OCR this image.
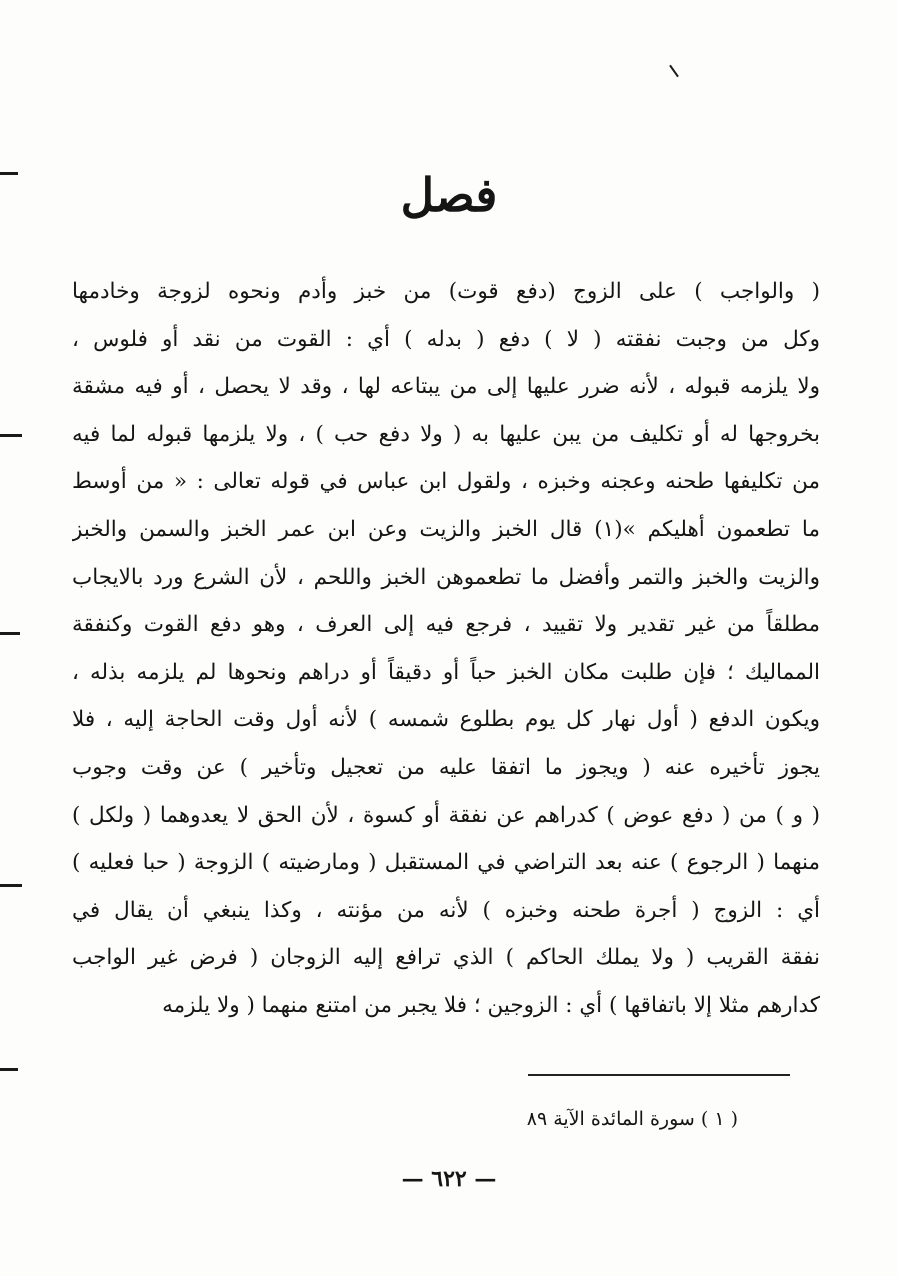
فصل
( والواجب ) على الزوج (دفع قوت) من خبز وأدم ونحوه لزوجة وخادمها
وكل من وجبت نفقته ( لا ) دفع ( بدله ) أي : القوت من نقد أو فلوس ،
ولا يلزمه قبوله ، لأنه ضرر عليها إلى من يبتاعه لها ، وقد لا يحصل ، أو فيه مشقة
بخروجها له أو تكليف من يبن عليها به ( ولا دفع حب ) ، ولا يلزمها قبوله لما فيه
من تكليفها طحنه وعجنه وخبزه ، ولقول ابن عباس في قوله تعالى : « من أوسط
ما تطعمون أهليكم »(١) قال الخبز والزيت وعن ابن عمر الخبز والسمن والخبز
والزيت والخبز والتمر وأفضل ما تطعموهن الخبز واللحم ، لأن الشرع ورد بالايجاب
مطلقاً من غير تقدير ولا تقييد ، فرجع فيه إلى العرف ، وهو دفع القوت وكنفقة
المماليك ؛ فإن طلبت مكان الخبز حباً أو دقيقاً أو دراهم ونحوها لم يلزمه بذله ،
ويكون الدفع ( أول نهار كل يوم بطلوع شمسه ) لأنه أول وقت الحاجة إليه ، فلا
يجوز تأخيره عنه ( ويجوز ما اتفقا عليه من تعجيل وتأخير ) عن وقت وجوب
( و ) من ( دفع عوض ) كدراهم عن نفقة أو كسوة ، لأن الحق لا يعدوهما ( ولكل )
منهما ( الرجوع ) عنه بعد التراضي في المستقبل ( ومارضيته ) الزوجة ( حبا فعليه )
أي : الزوج ( أجرة طحنه وخبزه ) لأنه من مؤنته ، وكذا ينبغي أن يقال في
نفقة القريب ( ولا يملك الحاكم ) الذي ترافع إليه الزوجان ( فرض غير الواجب
كدارهم مثلا إلا باتفاقها ) أي : الزوجين ؛ فلا يجبر من امتنع منهما ( ولا يلزمه
( ١ ) سورة المائدة الآية ٨٩
— ٦٢٢ —
